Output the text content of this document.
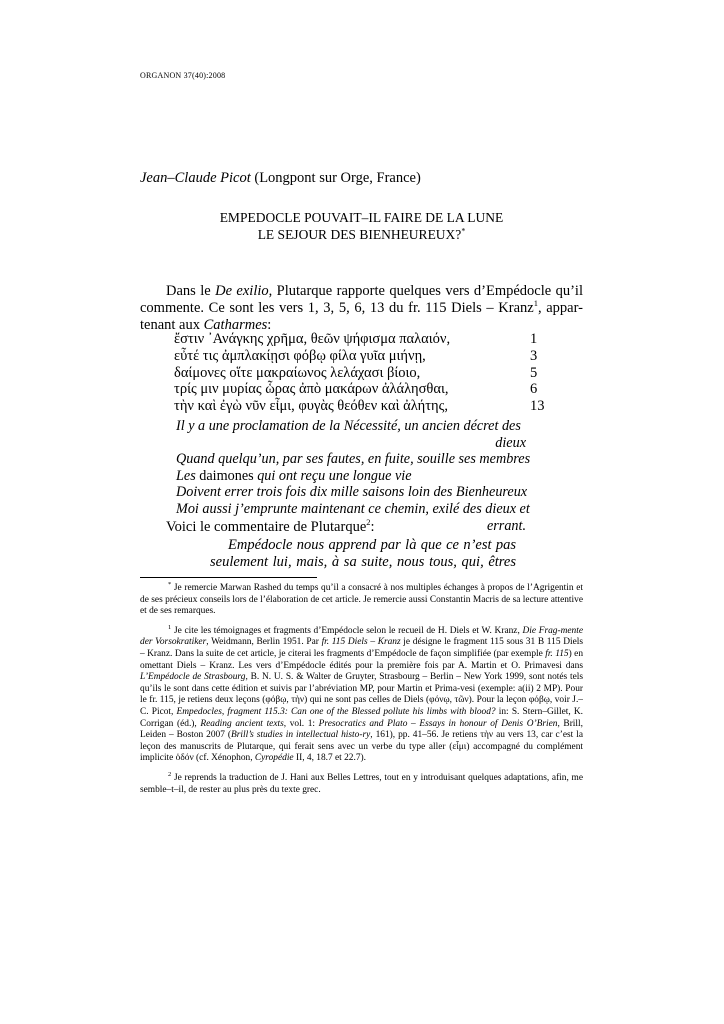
ORGANON 37(40):2008
Jean–Claude Picot (Longpont sur Orge, France)
EMPEDOCLE POUVAIT–IL FAIRE DE LA LUNE
LE SEJOUR DES BIENHEUREUX?*

Dans le De exilio, Plutarque rapporte quelques vers d’Empédocle qu’il commente. Ce sont les vers 1, 3, 5, 6, 13 du fr. 115 Diels – Kranz$^1$, appar-tenant aux Catharmes:

ἔστιν ᾽Ανάγκης χρῆμα, θεῶν ψήφισμα παλαιόν,	1
εὖτέ τις ἀμπλακίῃσι φόβῳ φίλα γυῖα μιήνῃ,	3
δαίμονες οἵτε μακραίωνος λελάχασι βίοιο,	5
τρίς μιν μυρίας ὧρας ἀπὸ μακάρων ἀλάλησθαι,	6
τὴν καὶ ἐγὼ νῦν εἶμι, φυγὰς θεόθεν καὶ ἀλήτης,	13
Il y a une proclamation de la Nécessité, un ancien décret des
dieux
Quand quelqu’un, par ses fautes, en fuite, souille ses membres
Les daimones qui ont reçu une longue vie
Doivent errer trois fois dix mille saisons loin des Bienheureux
Moi aussi j’emprunte maintenant ce chemin, exilé des dieux et
errant.
Voici le commentaire de Plutarque$^2$:

Empédocle nous apprend par là que ce n’est pas

seulement lui, mais, à sa suite, nous tous, qui, êtres

* Je remercie Marwan Rashed du temps qu’il a consacré à nos multiples échanges à propos de l’Agrigentin et de ses précieux conseils lors de l’élaboration de cet article. Je remercie aussi Constantin Macris de sa lecture attentive et de ses remarques.

$^1$ Je cite les témoignages et fragments d’Empédocle selon le recueil de H. Diels et W. Kranz, Die Frag-mente der Vorsokratiker, Weidmann, Berlin 1951. Par fr. 115 Diels – Kranz je désigne le fragment 115 sous 31 B 115 Diels – Kranz. Dans la suite de cet article, je citerai les fragments d’Empédocle de façon simplifiée (par exemple fr. 115) en omettant Diels – Kranz. Les vers d’Empédocle édités pour la première fois par A. Martin et O. Primavesi dans L’Empédocle de Strasbourg, B. N. U. S. & Walter de Gruyter, Strasbourg – Berlin – New York 1999, sont notés tels qu’ils le sont dans cette édition et suivis par l’abréviation MP, pour Martin et Prima-vesi (exemple: a(ii) 2 MP). Pour le fr. 115, je retiens deux leçons (φόβῳ, τὴν) qui ne sont pas celles de Diels (φόνῳ, τῶν). Pour la leçon φόβῳ, voir J.–C. Picot, Empedocles, fragment 115.3: Can one of the Blessed pollute his limbs with blood? in: S. Stern–Gillet, K. Corrigan (éd.), Reading ancient texts, vol. 1: Presocratics and Plato – Essays in honour of Denis O’Brien, Brill, Leiden – Boston 2007 (Brill’s studies in intellectual histo-ry, 161), pp. 41–56. Je retiens τὴν au vers 13, car c’est la leçon des manuscrits de Plutarque, qui ferait sens avec un verbe du type aller (εἶμι) accompagné du complément implicite ὁδόν (cf. Xénophon, Cyropédie II, 4, 18.7 et 22.7).

$^2$ Je reprends la traduction de J. Hani aux Belles Lettres, tout en y introduisant quelques adaptations, afin, me semble–t–il, de rester au plus près du texte grec.
